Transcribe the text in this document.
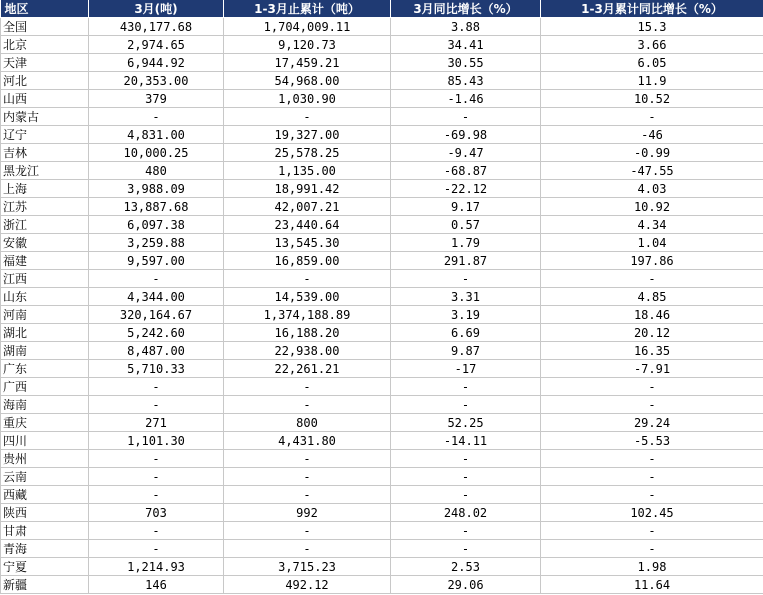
地区	3月(吨)	1-3月止累计（吨）	3月同比增长（%）	1-3月累计同比增长（%）
全国	430,177.68	1,704,009.11	3.88	15.3
北京	2,974.65	9,120.73	34.41	3.66
天津	6,944.92	17,459.21	30.55	6.05
河北	20,353.00	54,968.00	85.43	11.9
山西	379	1,030.90	-1.46	10.52
内蒙古	-	-	-	-
辽宁	4,831.00	19,327.00	-69.98	-46
吉林	10,000.25	25,578.25	-9.47	-0.99
黑龙江	480	1,135.00	-68.87	-47.55
上海	3,988.09	18,991.42	-22.12	4.03
江苏	13,887.68	42,007.21	9.17	10.92
浙江	6,097.38	23,440.64	0.57	4.34
安徽	3,259.88	13,545.30	1.79	1.04
福建	9,597.00	16,859.00	291.87	197.86
江西	-	-	-	-
山东	4,344.00	14,539.00	3.31	4.85
河南	320,164.67	1,374,188.89	3.19	18.46
湖北	5,242.60	16,188.20	6.69	20.12
湖南	8,487.00	22,938.00	9.87	16.35
广东	5,710.33	22,261.21	-17	-7.91
广西	-	-	-	-
海南	-	-	-	-
重庆	271	800	52.25	29.24
四川	1,101.30	4,431.80	-14.11	-5.53
贵州	-	-	-	-
云南	-	-	-	-
西藏	-	-	-	-
陕西	703	992	248.02	102.45
甘肃	-	-	-	-
青海	-	-	-	-
宁夏	1,214.93	3,715.23	2.53	1.98
新疆	146	492.12	29.06	11.64
